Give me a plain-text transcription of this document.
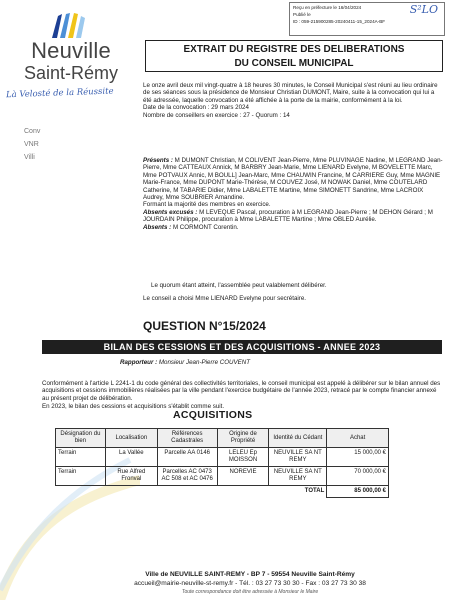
Reçu en préfecture le 16/04/2024
Publié le
ID : 059-215900285-20240411-15_2024A-BF
S²LO
Neuville
Saint-Rémy
Là Velosté de la Réussite
EXTRAIT DU REGISTRE DES DELIBERATIONS
DU CONSEIL MUNICIPAL
Conv
VNR
Villi

Le onze avril deux mil vingt-quatre à 18 heures 30 minutes, le Conseil Municipal s'est réuni au lieu ordinaire de ses séances sous la présidence de Monsieur Christian DUMONT, Maire, suite à la convocation qui lui a été adressée, laquelle convocation a été affichée à la porte de la mairie, conformément à la loi.

Date de la convocation : 29 mars 2024
Nombre de conseillers en exercice : 27 - Quorum : 14
Présents : M DUMONT Christian, M COLIVENT Jean-Pierre, Mme PLUVINAGE Nadine, M LEGRAND Jean-Pierre, Mme CATTEAUX Annick, M BARBRY Jean-Marie, Mme LIENARD Evelyne, M BOVELETTE Marc, Mme POTVAUX Annic, M BOULL] Jean-Marc, Mme CHAUWIN Francine, M CARRIERE Guy, Mme MAGNIE Marie-France, Mme DUPONT Marie-Thérèse, M COUVEZ José, M NOWAK Daniel, Mme COUTELARD Catherine, M TABARIE Didier, Mme LABALETTE Martine, Mme SIMONETT Sandrine, Mme LACROIX Audrey, Mme SOUBRIER Amandine.
Formant la majorité des membres en exercice.
Absents excusés : M LEVEQUE Pascal, procuration à M LEGRAND Jean-Pierre ; M DEHON Gérard ; M JOURDAIN Philippe, procuration à Mme LABALETTE Martine ; Mme OBLED Aurélie.
Absents : M CORMONT Corentin.

Le quorum étant atteint, l'assemblée peut valablement délibérer.

Le conseil a choisi Mme LIENARD Evelyne pour secrétaire.

QUESTION N°15/2024
BILAN DES CESSIONS ET DES ACQUISITIONS - ANNEE 2023
Rapporteur : Monsieur Jean-Pierre COUVENT

Conformément à l'article L 2241-1 du code général des collectivités territoriales, le conseil municipal est appelé à délibérer sur le bilan annuel des acquisitions et cessions immobilières réalisées par la ville pendant l'exercice budgétaire de l'année 2023, retracé par le compte financier annexé au présent projet de délibération.

En 2023, le bilan des cessions et acquisitions s'établit comme suit.

ACQUISITIONS
Désignation du bien	Localisation	Références Cadastrales	Origine de Propriété	Identité du Cédant	Achat
Terrain	La Vallée	Parcelle AA 0146	LELEU Ep MOISSON	NEUVILLE SA NT REMY	15 000,00 €
Terrain	Rue Alfred Fronval	Parcelles AC 0473 AC 508 et AC 0476	NOREVIE	NEUVILLE SA NT REMY	70 000,00 €
TOTAL					85 000,00 €
Ville de NEUVILLE SAINT-REMY - BP 7 - 59554 Neuville Saint-Rémy
accueil@mairie-neuville-st-remy.fr - Tél. : 03 27 73 30 30 - Fax : 03 27 73 30 38
Toute correspondance doit être adressée à Monsieur le Maire
